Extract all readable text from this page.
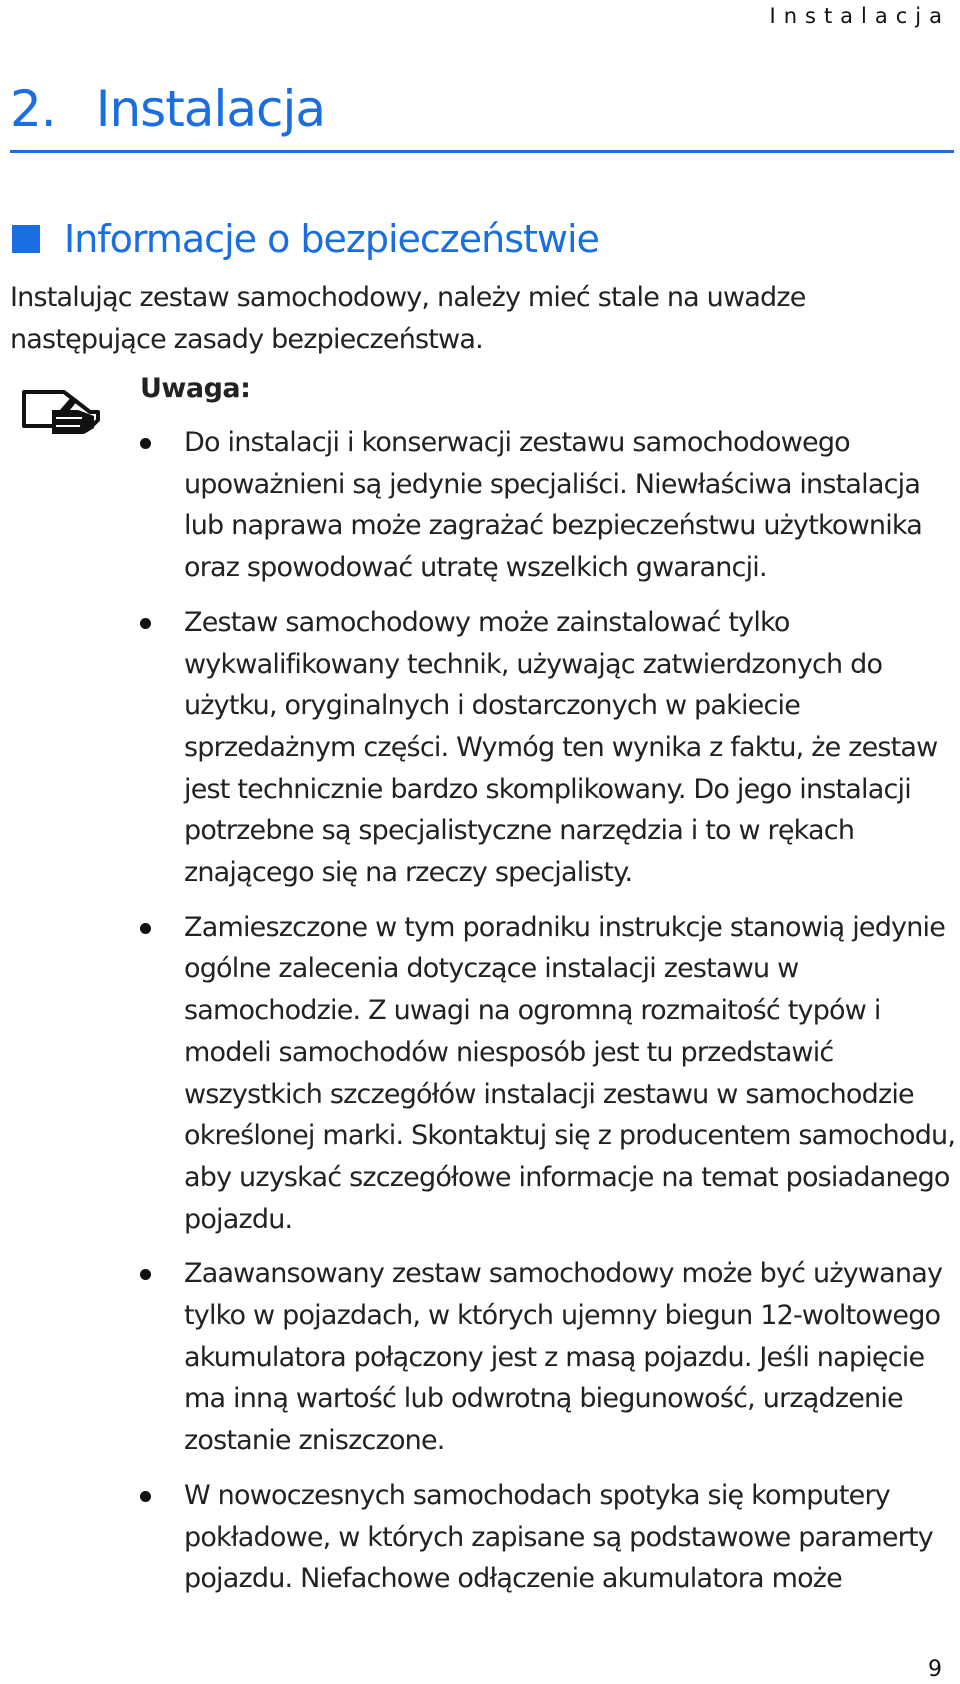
Instalacja
2. Instalacja
Informacje o bezpieczeństwie

Instalując zestaw samochodowy, należy mieć stale na uwadze następujące zasady bezpieczeństwa.

Uwaga:
Do instalacji i konserwacji zestawu samochodowego upoważnieni są jedynie specjaliści. Niewłaściwa instalacja lub naprawa może zagrażać bezpieczeństwu użytkownika oraz spowodować utratę wszelkich gwarancji.
Zestaw samochodowy może zainstalować tylko wykwalifikowany technik, używając zatwierdzonych do użytku, oryginalnych i dostarczonych w pakiecie sprzedażnym części. Wymóg ten wynika z faktu, że zestaw jest technicznie bardzo skomplikowany. Do jego instalacji potrzebne są specjalistyczne narzędzia i to w rękach znającego się na rzeczy specjalisty.
Zamieszczone w tym poradniku instrukcje stanowią jedynie ogólne zalecenia dotyczące instalacji zestawu w samochodzie. Z uwagi na ogromną rozmaitość typów i modeli samochodów niesposób jest tu przedstawić wszystkich szczegółów instalacji zestawu w samochodzie określonej marki. Skontaktuj się z producentem samochodu, aby uzyskać szczegółowe informacje na temat posiadanego pojazdu.
Zaawansowany zestaw samochodowy może być używanay tylko w pojazdach, w których ujemny biegun 12-woltowego akumulatora połączony jest z masą pojazdu. Jeśli napięcie ma inną wartość lub odwrotną biegunowość, urządzenie zostanie zniszczone.
W nowoczesnych samochodach spotyka się komputery pokładowe, w których zapisane są podstawowe paramerty pojazdu. Niefachowe odłączenie akumulatora może
9
